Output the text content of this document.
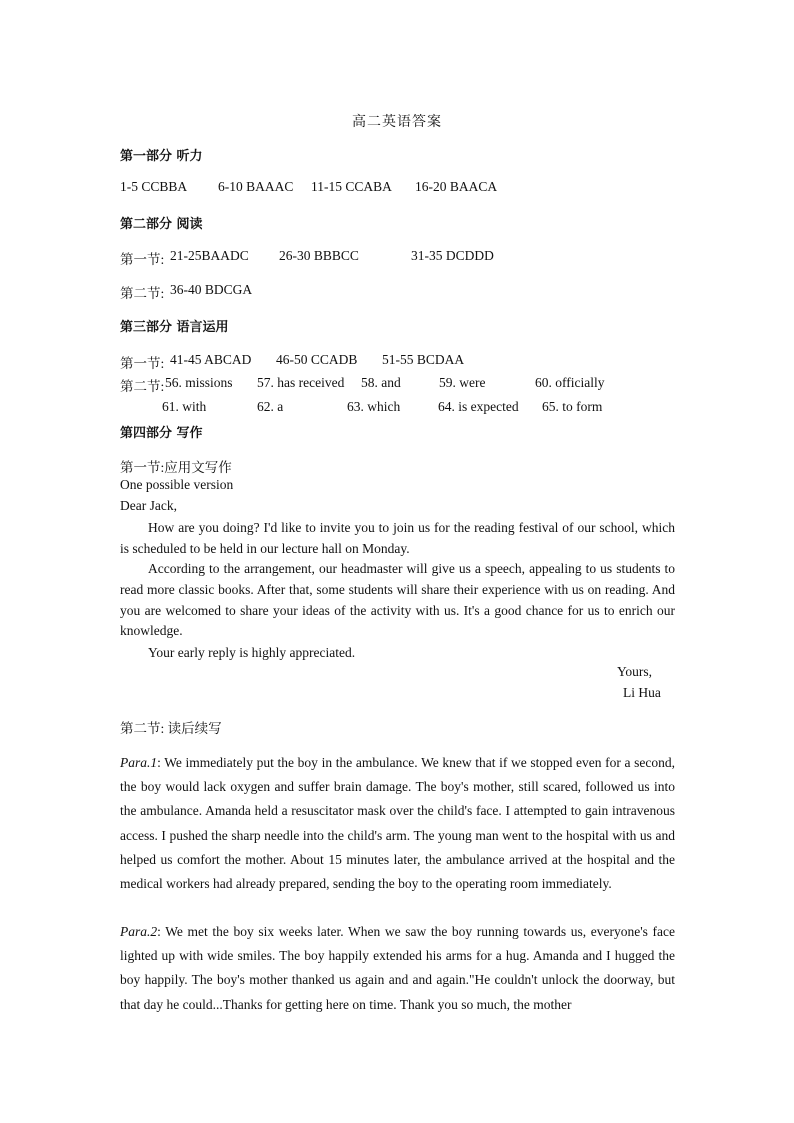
高二英语答案
第一部分 听力
1-5 CCBBA 6-10 BAAAC 11-15 CCABA 16-20 BAACA
第二部分 阅读
第一节: 21-25BAADC 26-30 BBBCC	31-35 DCDDD
第二节: 36-40 BDCGA
第三部分 语言运用
第一节: 41-45 ABCAD 46-50 CCADB 51-55 BCDAA
第二节: 56. missions 57. has received 58. and	59. were	60. officially
61. with	62. a	63. which	64. is expected 65. to form
第四部分 写作
第一节:应用文写作
One possible version
Dear Jack,
How are you doing? I'd like to invite you to join us for the reading festival of our school, which is scheduled to be held in our lecture hall on Monday.
According to the arrangement, our headmaster will give us a speech, appealing to us students to read more classic books. After that, some students will share their experience with us on reading. And you are welcomed to share your ideas of the activity with us. It's a good chance for us to enrich our knowledge.
Your early reply is highly appreciated.
Yours,
Li Hua
第二节: 读后续写
Para.1: We immediately put the boy in the ambulance. We knew that if we stopped even for a second, the boy would lack oxygen and suffer brain damage. The boy's mother, still scared, followed us into the ambulance. Amanda held a resuscitator mask over the child's face. I attempted to gain intravenous access. I pushed the sharp needle into the child's arm. The young man went to the hospital with us and helped us comfort the mother. About 15 minutes later, the ambulance arrived at the hospital and the medical workers had already prepared, sending the boy to the operating room immediately.
Para.2: We met the boy six weeks later. When we saw the boy running towards us, everyone's face lighted up with wide smiles. The boy happily extended his arms for a hug. Amanda and I hugged the boy happily. The boy's mother thanked us again and and again."He couldn't unlock the doorway, but that day he could...Thanks for getting here on time. Thank you so much, the mother
